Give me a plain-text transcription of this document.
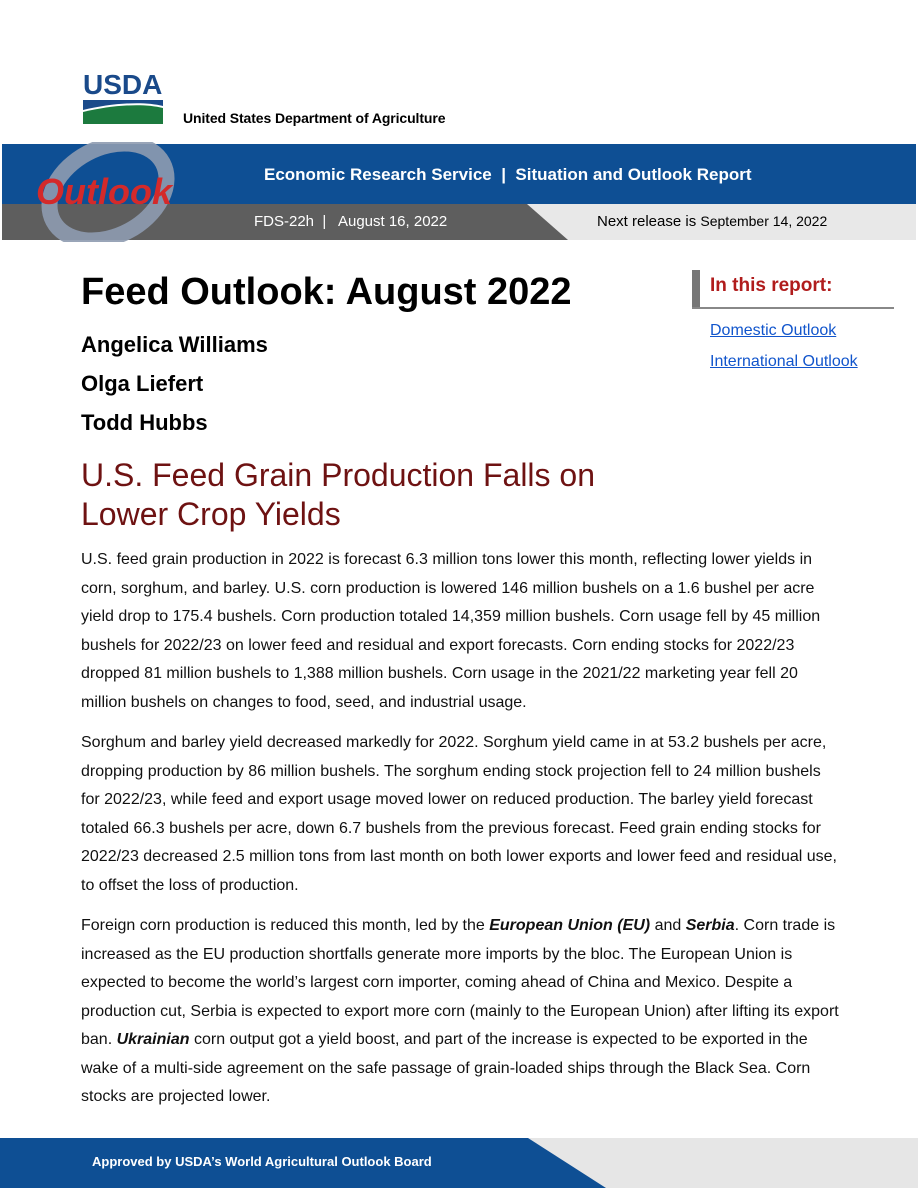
USDA
United States Department of Agriculture
Economic Research Service | Situation and Outlook Report
FDS-22h | August 16, 2022	Next release is September 14, 2022
Outlook
Feed Outlook: August 2022
Angelica Williams
Olga Liefert
Todd Hubbs
In this report:
Domestic Outlook
International Outlook
U.S. Feed Grain Production Falls on Lower Crop Yields

U.S. feed grain production in 2022 is forecast 6.3 million tons lower this month, reflecting lower yields in corn, sorghum, and barley. U.S. corn production is lowered 146 million bushels on a 1.6 bushel per acre yield drop to 175.4 bushels. Corn production totaled 14,359 million bushels. Corn usage fell by 45 million bushels for 2022/23 on lower feed and residual and export forecasts. Corn ending stocks for 2022/23 dropped 81 million bushels to 1,388 million bushels. Corn usage in the 2021/22 marketing year fell 20 million bushels on changes to food, seed, and industrial usage.

Sorghum and barley yield decreased markedly for 2022. Sorghum yield came in at 53.2 bushels per acre, dropping production by 86 million bushels. The sorghum ending stock projection fell to 24 million bushels for 2022/23, while feed and export usage moved lower on reduced production. The barley yield forecast totaled 66.3 bushels per acre, down 6.7 bushels from the previous forecast. Feed grain ending stocks for 2022/23 decreased 2.5 million tons from last month on both lower exports and lower feed and residual use, to offset the loss of production.

Foreign corn production is reduced this month, led by the European Union (EU) and Serbia. Corn trade is increased as the EU production shortfalls generate more imports by the bloc. The European Union is expected to become the world’s largest corn importer, coming ahead of China and Mexico. Despite a production cut, Serbia is expected to export more corn (mainly to the European Union) after lifting its export ban. Ukrainian corn output got a yield boost, and part of the increase is expected to be exported in the wake of a multi-side agreement on the safe passage of grain-loaded ships through the Black Sea. Corn stocks are projected lower.

Approved by USDA’s World Agricultural Outlook Board
